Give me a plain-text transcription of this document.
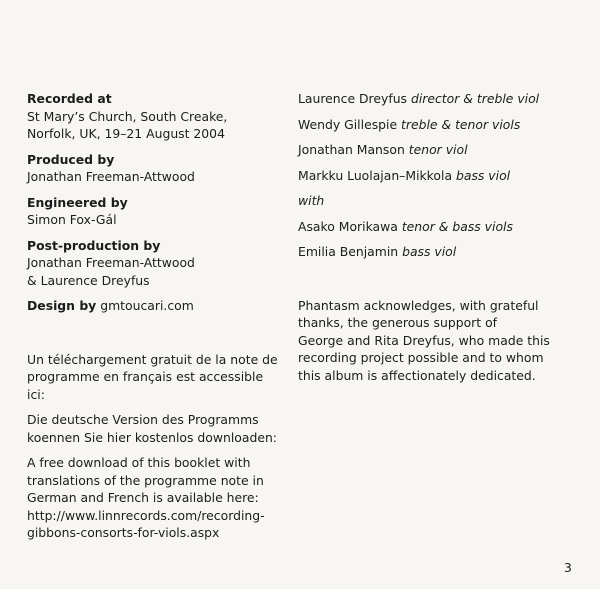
Recorded at
St Mary’s Church, South Creake,
Norfolk, UK, 19–21 August 2004
Produced by
Jonathan Freeman-Attwood
Engineered by
Simon Fox-Gál
Post-production by
Jonathan Freeman-Attwood
& Laurence Dreyfus
Design by gmtoucari.com
Un téléchargement gratuit de la note de
programme en français est accessible
ici:
Die deutsche Version des Programms
koennen Sie hier kostenlos downloaden:
A free download of this booklet with
translations of the programme note in
German and French is available here:
http://www.linnrecords.com/recording-
gibbons-consorts-for-viols.aspx
Laurence Dreyfus director & treble viol
Wendy Gillespie treble & tenor viols
Jonathan Manson tenor viol
Markku Luolajan–Mikkola bass viol
with
Asako Morikawa tenor & bass viols
Emilia Benjamin bass viol
Phantasm acknowledges, with grateful
thanks, the generous support of
George and Rita Dreyfus, who made this
recording project possible and to whom
this album is affectionately dedicated.
3
